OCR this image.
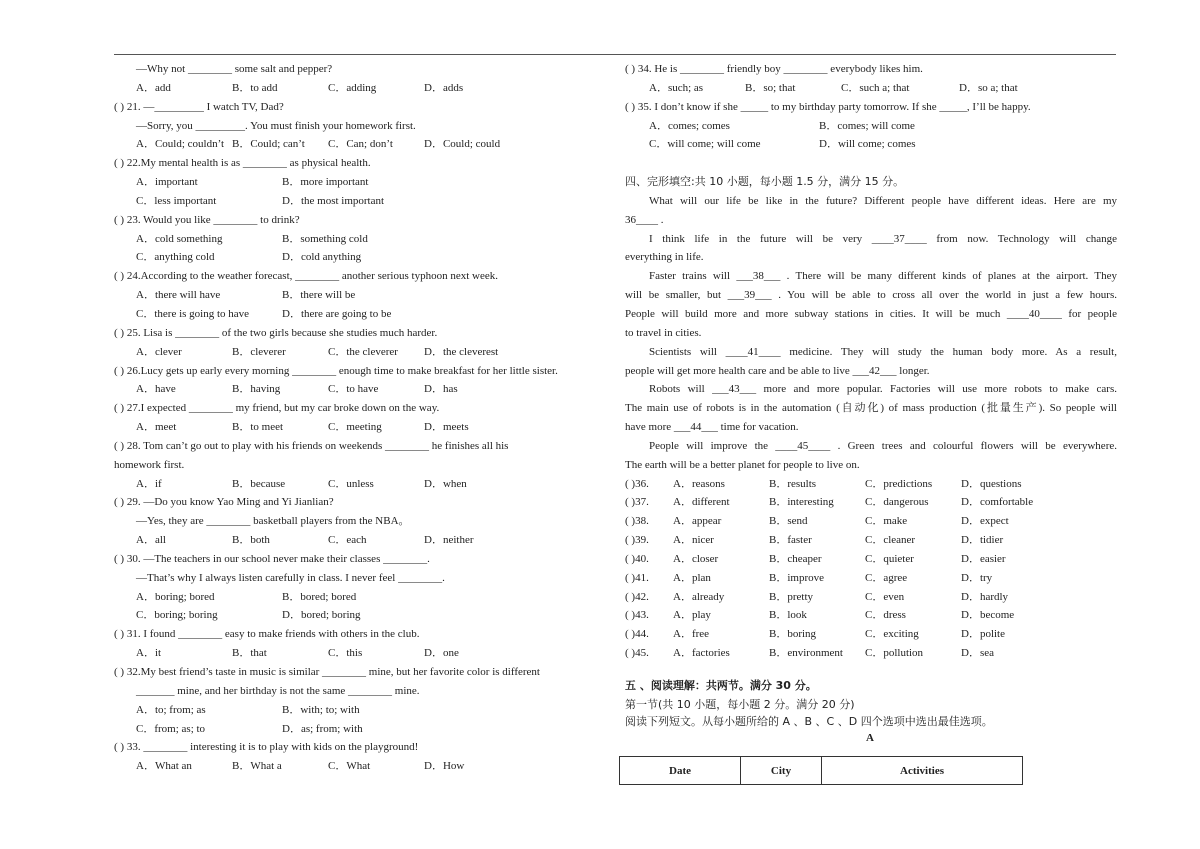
—Why not ________ some salt and pepper?
A．add	B．to add	C．adding	D．adds
( ) 21. —_________ I watch TV, Dad?
—Sorry, you _________. You must finish your homework first.
A．Could; couldn’t B．Could; can’t	C．Can; don’t	D．Could; could
( ) 22.My mental health is as ________ as physical health.
A．important	B．more important
C．less important	D．the most important
( ) 23. Would you like ________ to drink?
A．cold something	B．something cold
C．anything cold	D．cold anything
( ) 24.According to the weather forecast, ________ another serious typhoon next week.
A．there will have	B．there will be
C．there is going to have	D．there are going to be
( ) 25. Lisa is ________ of the two girls because she studies much harder.
A．clever	B．cleverer	C．the cleverer	D．the cleverest
( ) 26.Lucy gets up early every morning ________ enough time to make breakfast for her little sister.
A．have	B．having	C．to have	D．has
( ) 27.I expected ________ my friend, but my car broke down on the way.
A．meet	B．to meet	C．meeting	D．meets
( ) 28. Tom can’t go out to play with his friends on weekends ________ he finishes all his
homework first.
A．if	B．because	C．unless	D．when
( ) 29. —Do you know Yao Ming and Yi Jianlian?
—Yes, they are ________ basketball players from the NBA。
A．all	B．both	C．each	D．neither
( ) 30. —The teachers in our school never make their classes ________.
—That’s why I always listen carefully in class. I never feel ________.
A．boring; bored	B．bored; bored
C．boring; boring	D．bored; boring
( ) 31. I found ________ easy to make friends with others in the club.
A．it	B．that	C．this	D．one
( ) 32.My best friend’s taste in music is similar ________ mine, but her favorite color is different
_______ mine, and her birthday is not the same ________ mine.
A．to; from; as	B．with; to; with
C．from; as; to	D．as; from; with
( ) 33. ________ interesting it is to play with kids on the playground!
A．What an	B．What a	C．What	D．How
( ) 34. He is ________ friendly boy ________ everybody likes him.
A．such; as	B．so; that	C．such a; that	D．so a; that
( ) 35. I don’t know if she _____ to my birthday party tomorrow. If she _____, I’ll be happy.
A．comes; comes	B．comes; will come
C．will come; will come	D．will come; comes
四、完形填空:共 10 小题，每小题 1.5 分，满分 15 分。
What will our life be like in the future? Different people have different ideas. Here are my
36____ .
I think life in the future will be very ____37____ from now. Technology will change
everything in life.
Faster trains will ___38___ . There will be many different kinds of planes at the airport. They
will be smaller, but ___39___ . You will be able to cross all over the world in just a few hours.
People will build more and more subway stations in cities. It will be much ____40____ for people
to travel in cities.
Scientists will ____41____ medicine. They will study the human body more. As a result,
people will get more health care and be able to live ___42___ longer.
Robots will ___43___ more and more popular. Factories will use more robots to make cars.
The main use of robots is in the automation (自动化) of mass production (批量生产). So people will
have more ___44___ time for vacation.
People will improve the ____45____ . Green trees and colourful flowers will be everywhere.
The earth will be a better planet for people to live on.
( )36.	A．reasons	B．results	C．predictions	D．questions
( )37.	A．different	B．interesting	C．dangerous	D．comfortable
( )38.	A．appear	B．send	C．make	D．expect
( )39.	A．nicer	B．faster	C．cleaner	D．tidier
( )40.	A．closer	B．cheaper	C．quieter	D．easier
( )41.	A．plan	B．improve	C．agree	D．try
( )42.	A．already	B．pretty	C．even	D．hardly
( )43.	A．play	B．look	C．dress	D．become
( )44.	A．free	B．boring	C．exciting	D．polite
( )45.	A．factories	B．environment	C．pollution	D．sea
五 、阅读理解：共两节。满分 30 分。
第一节(共 10 小题，每小题 2 分。满分 20 分)
阅读下列短文。从每小题所给的 A 、B 、C 、D 四个选项中选出最佳选项。
A
Date	City	Activities
